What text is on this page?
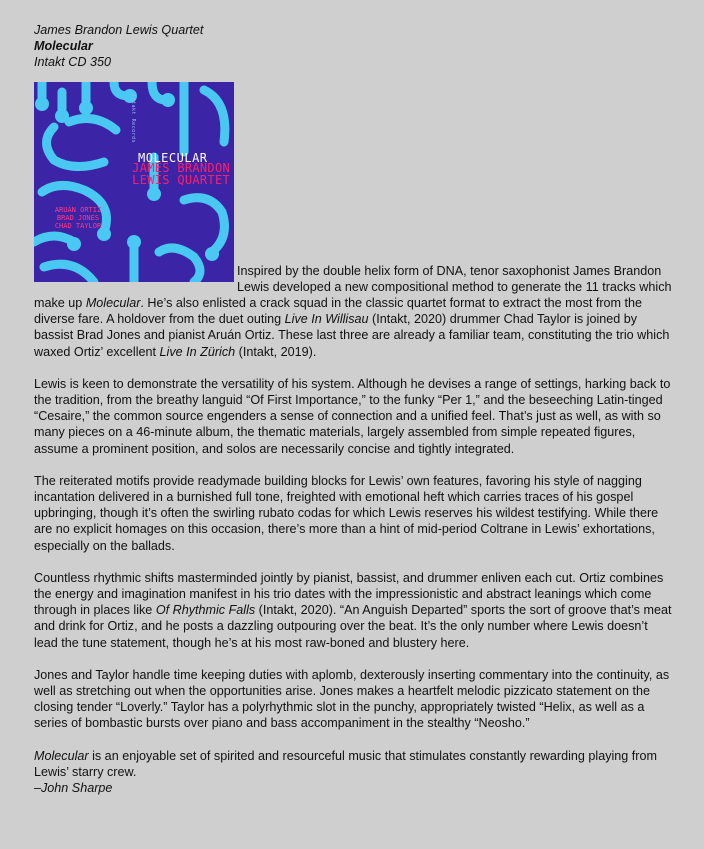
James Brandon Lewis Quartet
Molecular
Intakt CD 350

Intakt Records
MOLECULAR
JAMES BRANDON
LEWIS QUARTET
ARUÁN ORTIZ
BRAD JONES
CHAD TAYLOR
Inspired by the double helix form of DNA, tenor saxophonist James Brandon Lewis developed a new compositional method to generate the 11 tracks which make up Molecular. He’s also enlisted a crack squad in the classic quartet format to extract the most from the diverse fare. A holdover from the duet outing Live In Willisau (Intakt, 2020) drummer Chad Taylor is joined by bassist Brad Jones and pianist Aruán Ortiz. These last three are already a familiar team, constituting the trio which waxed Ortiz’ excellent Live In Zürich (Intakt, 2019).

Lewis is keen to demonstrate the versatility of his system. Although he devises a range of settings, harking back to the tradition, from the breathy languid “Of First Importance,” to the funky “Per 1,” and the beseeching Latin-tinged “Cesaire,” the common source engenders a sense of connection and a unified feel. That’s just as well, as with so many pieces on a 46-minute album, the thematic materials, largely assembled from simple repeated figures, assume a prominent position, and solos are necessarily concise and tightly integrated.

The reiterated motifs provide readymade building blocks for Lewis’ own features, favoring his style of nagging incantation delivered in a burnished full tone, freighted with emotional heft which carries traces of his gospel upbringing, though it’s often the swirling rubato codas for which Lewis reserves his wildest testifying. While there are no explicit homages on this occasion, there’s more than a hint of mid-period Coltrane in Lewis’ exhortations, especially on the ballads.

Countless rhythmic shifts masterminded jointly by pianist, bassist, and drummer enliven each cut. Ortiz combines the energy and imagination manifest in his trio dates with the impressionistic and abstract leanings which come through in places like Of Rhythmic Falls (Intakt, 2020). “An Anguish Departed” sports the sort of groove that’s meat and drink for Ortiz, and he posts a dazzling outpouring over the beat. It’s the only number where Lewis doesn’t lead the tune statement, though he’s at his most raw-boned and blustery here.

Jones and Taylor handle time keeping duties with aplomb, dexterously inserting commentary into the continuity, as well as stretching out when the opportunities arise. Jones makes a heartfelt melodic pizzicato statement on the closing tender “Loverly.” Taylor has a polyrhythmic slot in the punchy, appropriately twisted “Helix, as well as a series of bombastic bursts over piano and bass accompaniment in the stealthy “Neosho.”

Molecular is an enjoyable set of spirited and resourceful music that stimulates constantly rewarding playing from Lewis’ starry crew.
–John Sharpe
